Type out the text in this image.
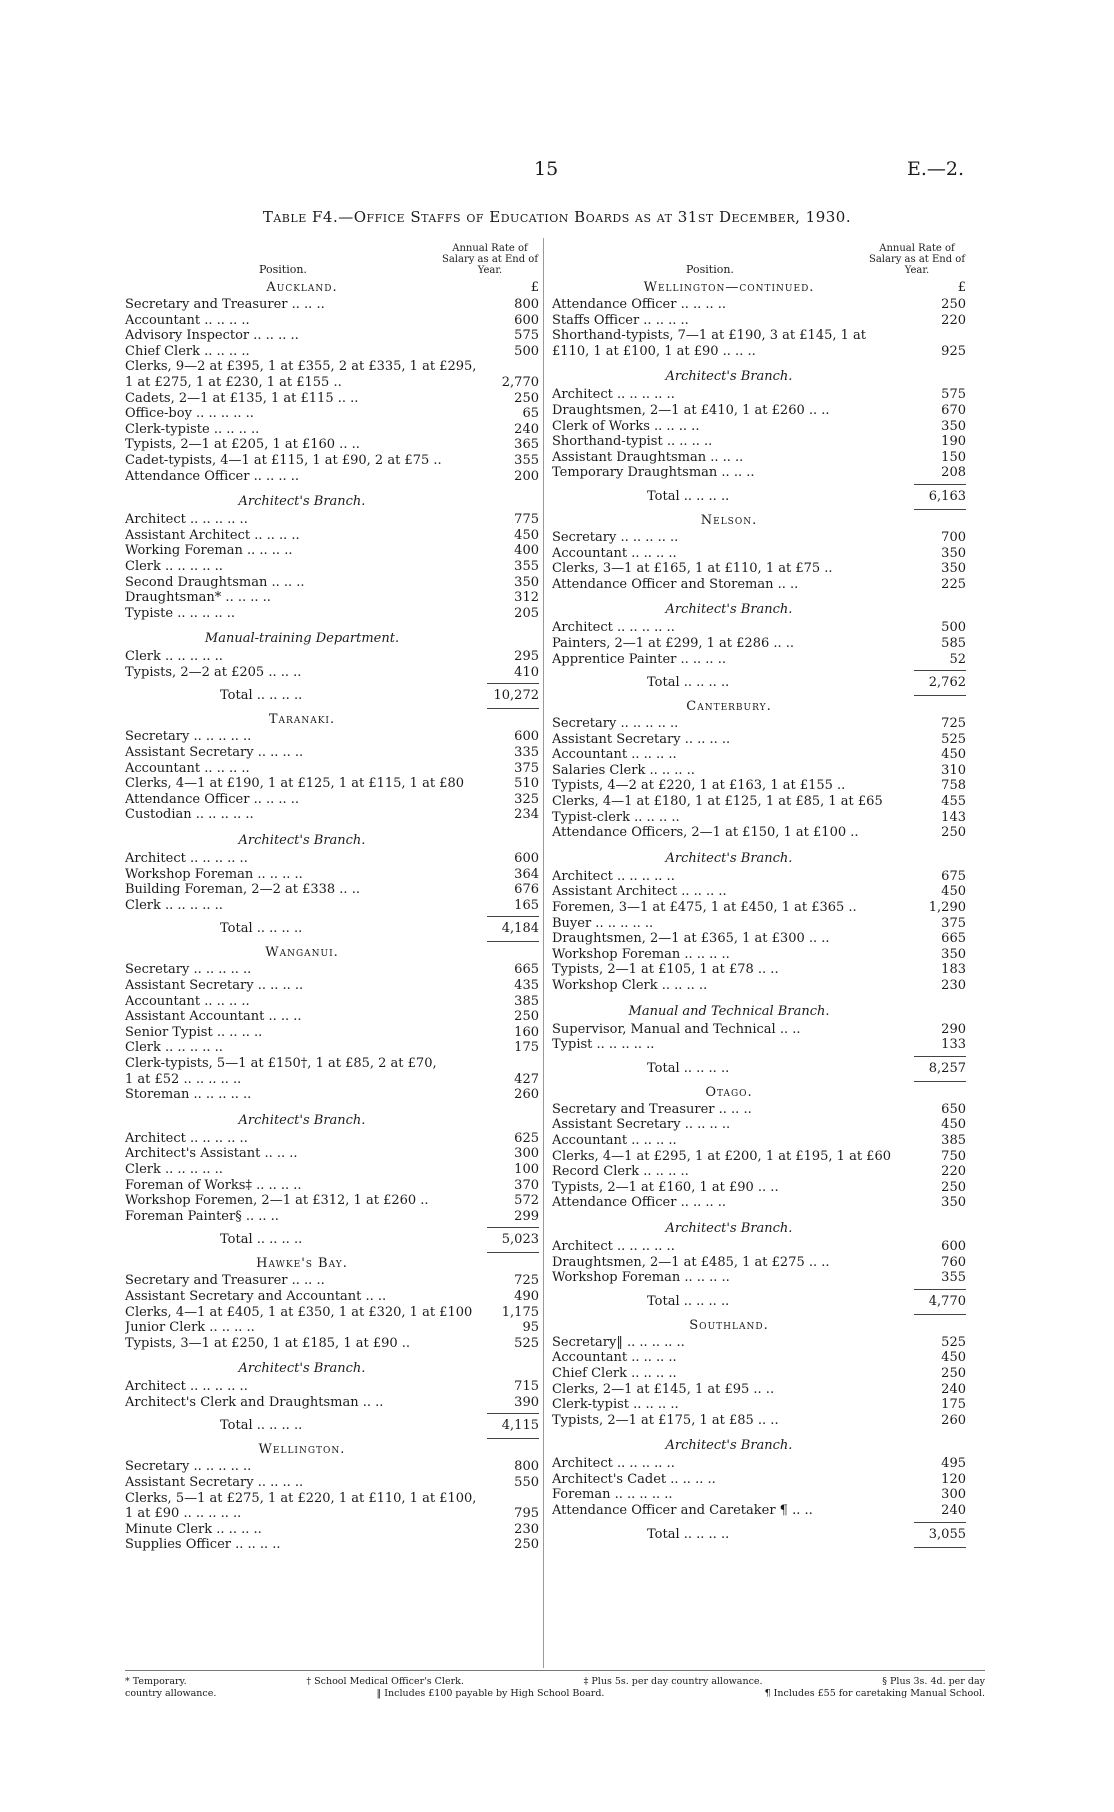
15	E.—2.
Table F4.—Office Staffs of Education Boards as at 31st December, 1930.
Position.
Annual Rate of Salary as at End of Year.
Auckland.	£
Secretary and Treasurer .. .. ..	800
Accountant .. .. .. ..	600
Advisory Inspector .. .. .. ..	575
Chief Clerk .. .. .. ..	500
Clerks, 9—2 at £395, 1 at £355, 2 at £335, 1 at £295,
1 at £275, 1 at £230, 1 at £155 ..	2,770
Cadets, 2—1 at £135, 1 at £115 .. ..	250
Office-boy .. .. .. .. ..	65
Clerk-typiste .. .. .. ..	240
Typists, 2—1 at £205, 1 at £160 .. ..	365
Cadet-typists, 4—1 at £115, 1 at £90, 2 at £75 ..	355
Attendance Officer .. .. .. ..	200
Architect's Branch.
Architect .. .. .. .. ..	775
Assistant Architect .. .. .. ..	450
Working Foreman .. .. .. ..	400
Clerk .. .. .. .. ..	355
Second Draughtsman .. .. ..	350
Draughtsman* .. .. .. ..	312
Typiste .. .. .. .. ..	205
Manual-training Department.
Clerk .. .. .. .. ..	295
Typists, 2—2 at £205 .. .. ..	410
Total .. .. .. ..	10,272
Taranaki.
Secretary .. .. .. .. ..	600
Assistant Secretary .. .. .. ..	335
Accountant .. .. .. ..	375
Clerks, 4—1 at £190, 1 at £125, 1 at £115, 1 at £80	510
Attendance Officer .. .. .. ..	325
Custodian .. .. .. .. ..	234
Architect's Branch.
Architect .. .. .. .. ..	600
Workshop Foreman .. .. .. ..	364
Building Foreman, 2—2 at £338 .. ..	676
Clerk .. .. .. .. ..	165
Total .. .. .. ..	4,184
Wanganui.
Secretary .. .. .. .. ..	665
Assistant Secretary .. .. .. ..	435
Accountant .. .. .. ..	385
Assistant Accountant .. .. ..	250
Senior Typist .. .. .. ..	160
Clerk .. .. .. .. ..	175
Clerk-typists, 5—1 at £150†, 1 at £85, 2 at £70,
1 at £52 .. .. .. .. ..	427
Storeman .. .. .. .. ..	260
Architect's Branch.
Architect .. .. .. .. ..	625
Architect's Assistant .. .. ..	300
Clerk .. .. .. .. ..	100
Foreman of Works‡ .. .. .. ..	370
Workshop Foremen, 2—1 at £312, 1 at £260 ..	572
Foreman Painter§ .. .. ..	299
Total .. .. .. ..	5,023
Hawke's Bay.
Secretary and Treasurer .. .. ..	725
Assistant Secretary and Accountant .. ..	490
Clerks, 4—1 at £405, 1 at £350, 1 at £320, 1 at £100	1,175
Junior Clerk .. .. .. ..	95
Typists, 3—1 at £250, 1 at £185, 1 at £90 ..	525
Architect's Branch.
Architect .. .. .. .. ..	715
Architect's Clerk and Draughtsman .. ..	390
Total .. .. .. ..	4,115
Wellington.
Secretary .. .. .. .. ..	800
Assistant Secretary .. .. .. ..	550
Clerks, 5—1 at £275, 1 at £220, 1 at £110, 1 at £100,
1 at £90 .. .. .. .. ..	795
Minute Clerk .. .. .. ..	230
Supplies Officer .. .. .. ..	250
Position.
Annual Rate of Salary as at End of Year.
Wellington—continued.	£
Attendance Officer .. .. .. ..	250
Staffs Officer .. .. .. ..	220
Shorthand-typists, 7—1 at £190, 3 at £145, 1 at
£110, 1 at £100, 1 at £90 .. .. ..	925
Architect's Branch.
Architect .. .. .. .. ..	575
Draughtsmen, 2—1 at £410, 1 at £260 .. ..	670
Clerk of Works .. .. .. ..	350
Shorthand-typist .. .. .. ..	190
Assistant Draughtsman .. .. ..	150
Temporary Draughtsman .. .. ..	208
Total .. .. .. ..	6,163
Nelson.
Secretary .. .. .. .. ..	700
Accountant .. .. .. ..	350
Clerks, 3—1 at £165, 1 at £110, 1 at £75 ..	350
Attendance Officer and Storeman .. ..	225
Architect's Branch.
Architect .. .. .. .. ..	500
Painters, 2—1 at £299, 1 at £286 .. ..	585
Apprentice Painter .. .. .. ..	52
Total .. .. .. ..	2,762
Canterbury.
Secretary .. .. .. .. ..	725
Assistant Secretary .. .. .. ..	525
Accountant .. .. .. ..	450
Salaries Clerk .. .. .. ..	310
Typists, 4—2 at £220, 1 at £163, 1 at £155 ..	758
Clerks, 4—1 at £180, 1 at £125, 1 at £85, 1 at £65	455
Typist-clerk .. .. .. ..	143
Attendance Officers, 2—1 at £150, 1 at £100 ..	250
Architect's Branch.
Architect .. .. .. .. ..	675
Assistant Architect .. .. .. ..	450
Foremen, 3—1 at £475, 1 at £450, 1 at £365 ..	1,290
Buyer .. .. .. .. ..	375
Draughtsmen, 2—1 at £365, 1 at £300 .. ..	665
Workshop Foreman .. .. .. ..	350
Typists, 2—1 at £105, 1 at £78 .. ..	183
Workshop Clerk .. .. .. ..	230
Manual and Technical Branch.
Supervisor, Manual and Technical .. ..	290
Typist .. .. .. .. ..	133
Total .. .. .. ..	8,257
Otago.
Secretary and Treasurer .. .. ..	650
Assistant Secretary .. .. .. ..	450
Accountant .. .. .. ..	385
Clerks, 4—1 at £295, 1 at £200, 1 at £195, 1 at £60	750
Record Clerk .. .. .. ..	220
Typists, 2—1 at £160, 1 at £90 .. ..	250
Attendance Officer .. .. .. ..	350
Architect's Branch.
Architect .. .. .. .. ..	600
Draughtsmen, 2—1 at £485, 1 at £275 .. ..	760
Workshop Foreman .. .. .. ..	355
Total .. .. .. ..	4,770
Southland.
Secretary‖ .. .. .. .. ..	525
Accountant .. .. .. ..	450
Chief Clerk .. .. .. ..	250
Clerks, 2—1 at £145, 1 at £95 .. ..	240
Clerk-typist .. .. .. ..	175
Typists, 2—1 at £175, 1 at £85 .. ..	260
Architect's Branch.
Architect .. .. .. .. ..	495
Architect's Cadet .. .. .. ..	120
Foreman .. .. .. .. ..	300
Attendance Officer and Caretaker ¶ .. ..	240
Total .. .. .. ..	3,055
* Temporary.	† School Medical Officer's Clerk.	‡ Plus 5s. per day country allowance.	§ Plus 3s. 4d. per day
country allowance.	‖ Includes £100 payable by High School Board.	¶ Includes £55 for caretaking Manual School.
